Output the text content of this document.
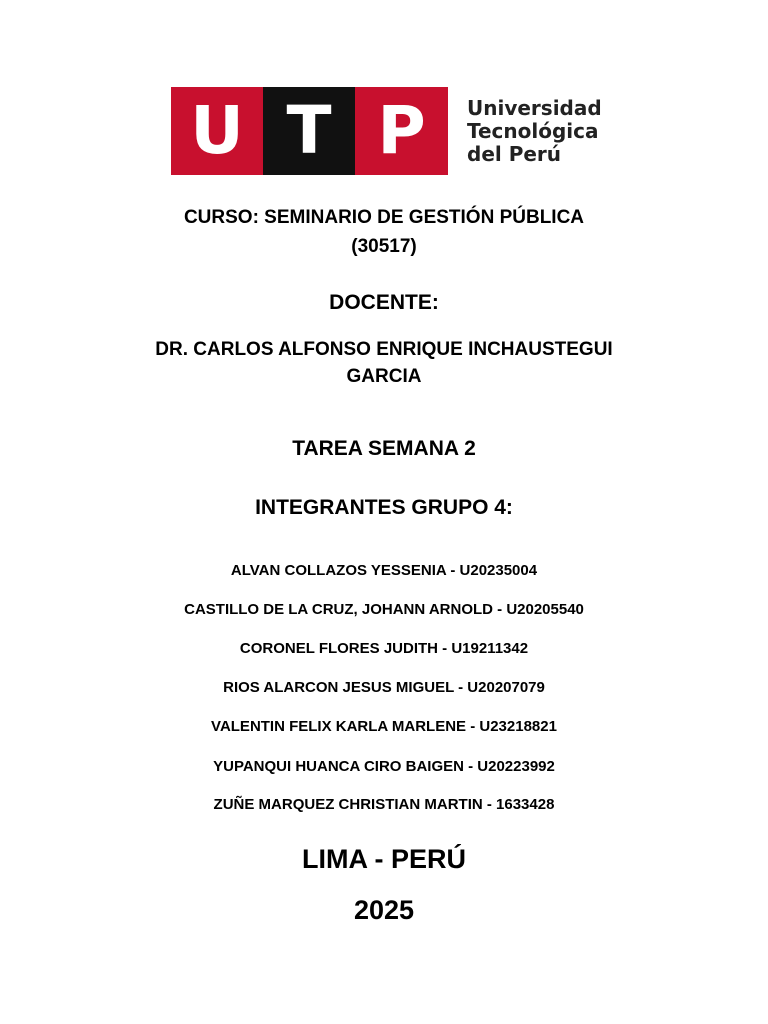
U T P	Universidad
Tecnológica
del Perú
CURSO: SEMINARIO DE GESTIÓN PÚBLICA
(30517)
DOCENTE:
DR. CARLOS ALFONSO ENRIQUE INCHAUSTEGUI
GARCIA
TAREA SEMANA 2
INTEGRANTES GRUPO 4:
ALVAN COLLAZOS YESSENIA - U20235004
CASTILLO DE LA CRUZ, JOHANN ARNOLD - U20205540
CORONEL FLORES JUDITH - U19211342
RIOS ALARCON JESUS MIGUEL - U20207079
VALENTIN FELIX KARLA MARLENE - U23218821
YUPANQUI HUANCA CIRO BAIGEN - U20223992
ZUÑE MARQUEZ CHRISTIAN MARTIN - 1633428
LIMA - PERÚ
2025
